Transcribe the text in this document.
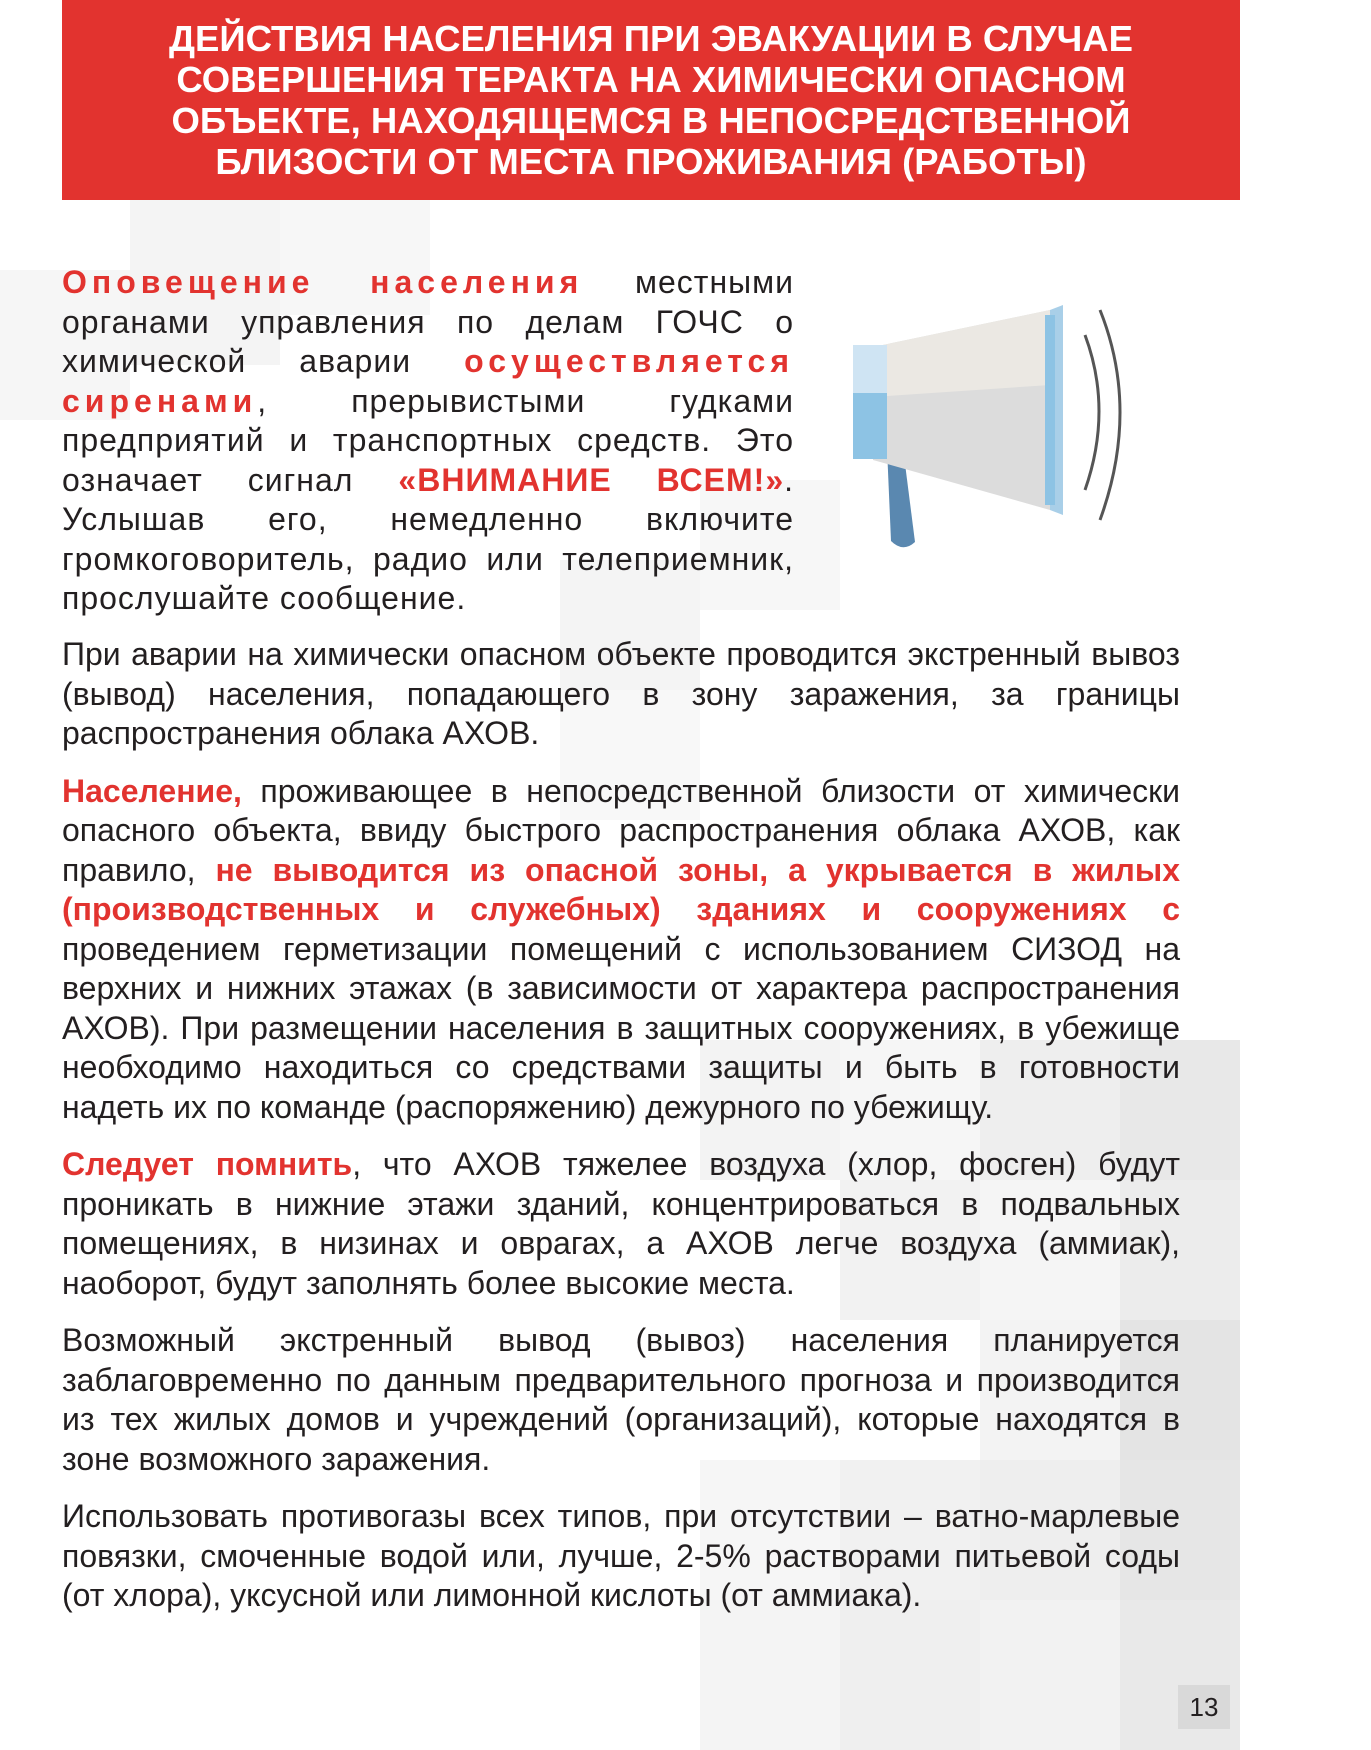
ДЕЙСТВИЯ НАСЕЛЕНИЯ ПРИ ЭВАКУАЦИИ В СЛУЧАЕ СОВЕРШЕНИЯ ТЕРАКТА НА ХИМИЧЕСКИ ОПАСНОМ ОБЪЕКТЕ, НАХОДЯЩЕМСЯ В НЕПОСРЕДСТВЕННОЙ БЛИЗОСТИ ОТ МЕСТА ПРОЖИВАНИЯ (РАБОТЫ)

Оповещение населения местными органами управления по делам ГОЧС о химической аварии осуществляется сиренами, прерывистыми гудками предприятий и транспортных средств. Это означает сигнал «ВНИМАНИЕ ВСЕМ!». Услышав его, немедленно включите громкоговоритель, радио или телеприемник, прослушайте сообщение.

При аварии на химически опасном объекте проводится экстренный вывоз (вывод) населения, попадающего в зону заражения, за границы распространения облака АХОВ.

Население, проживающее в непосредственной близости от химически опасного объекта, ввиду быстрого распространения облака АХОВ, как правило, не выводится из опасной зоны, а укрывается в жилых (производственных и служебных) зданиях и сооружениях с проведением герметизации помещений с использованием СИЗОД на верхних и нижних этажах (в зависимости от характера распространения АХОВ). При размещении населения в защитных сооружениях, в убежище необходимо находиться со средствами защиты и быть в готовности надеть их по команде (распоряжению) дежурного по убежищу.

Следует помнить, что АХОВ тяжелее воздуха (хлор, фосген) будут проникать в нижние этажи зданий, концентрироваться в подвальных помещениях, в низинах и оврагах, а АХОВ легче воздуха (аммиак), наоборот, будут заполнять более высокие места.

Возможный экстренный вывод (вывоз) населения планируется заблаговременно по данным предварительного прогноза и производится из тех жилых домов и учреждений (организаций), которые находятся в зоне возможного заражения.

Использовать противогазы всех типов, при отсутствии – ватно-марлевые повязки, смоченные водой или, лучше, 2-5% растворами питьевой соды (от хлора), уксусной или лимонной кислоты (от аммиака).

13
